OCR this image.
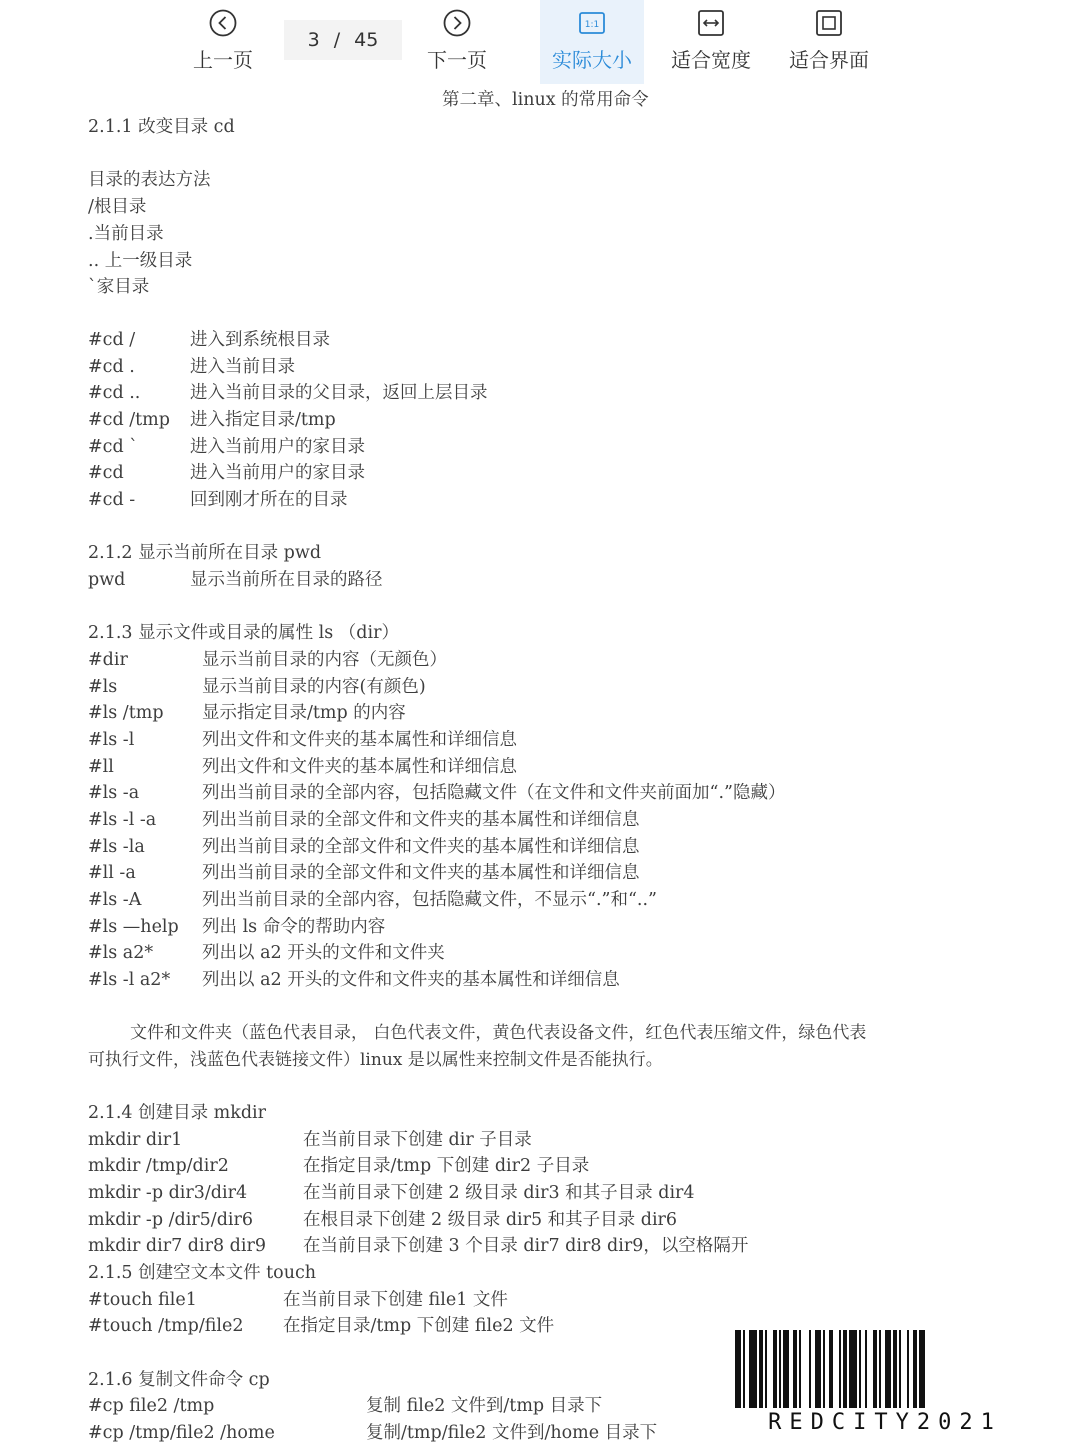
上一页
3 / 45
下一页
1:1
实际大小	适合宽度	适合界面
第二章、linux 的常用命令
2.1.1 改变目录 cd
目录的表达方法
/根目录
.当前目录
.. 上一级目录
`家目录
#cd /	进入到系统根目录
#cd .	进入当前目录
#cd ..	进入当前目录的父目录，返回上层目录
#cd /tmp 进入指定目录/tmp
#cd `	进入当前用户的家目录
#cd	进入当前用户的家目录
#cd -	回到刚才所在的目录
2.1.2 显示当前所在目录 pwd
pwd	显示当前所在目录的路径
2.1.3 显示文件或目录的属性 ls （dir）
#dir	显示当前目录的内容（无颜色）
#ls	显示当前目录的内容(有颜色)
#ls /tmp 显示指定目录/tmp 的内容
#ls -l	列出文件和文件夹的基本属性和详细信息
#ll	列出文件和文件夹的基本属性和详细信息
#ls -a	列出当前目录的全部内容，包括隐藏文件（在文件和文件夹前面加“.”隐藏）
#ls -l -a	列出当前目录的全部文件和文件夹的基本属性和详细信息
#ls -la	列出当前目录的全部文件和文件夹的基本属性和详细信息
#ll -a	列出当前目录的全部文件和文件夹的基本属性和详细信息
#ls -A	列出当前目录的全部内容，包括隐藏文件，不显示“.”和“..”
#ls —help 列出 ls 命令的帮助内容
#ls a2*	列出以 a2 开头的文件和文件夹
#ls -l a2* 列出以 a2 开头的文件和文件夹的基本属性和详细信息
文件和文件夹（蓝色代表目录， 白色代表文件，黄色代表设备文件，红色代表压缩文件，绿色代表
可执行文件，浅蓝色代表链接文件）linux 是以属性来控制文件是否能执行。
2.1.4 创建目录 mkdir
mkdir dir1	在当前目录下创建 dir 子目录
mkdir /tmp/dir2	在指定目录/tmp 下创建 dir2 子目录
mkdir -p dir3/dir4	在当前目录下创建 2 级目录 dir3 和其子目录 dir4
mkdir -p /dir5/dir6	在根目录下创建 2 级目录 dir5 和其子目录 dir6
mkdir dir7 dir8 dir9 在当前目录下创建 3 个目录 dir7 dir8 dir9，以空格隔开
2.1.5 创建空文本文件 touch
#touch file1	在当前目录下创建 file1 文件
#touch /tmp/file2 在指定目录/tmp 下创建 file2 文件
2.1.6 复制文件命令 cp
#cp file2 /tmp	复制 file2 文件到/tmp 目录下
#cp /tmp/file2 /home	复制/tmp/file2 文件到/home 目录下	REDCITY2021
